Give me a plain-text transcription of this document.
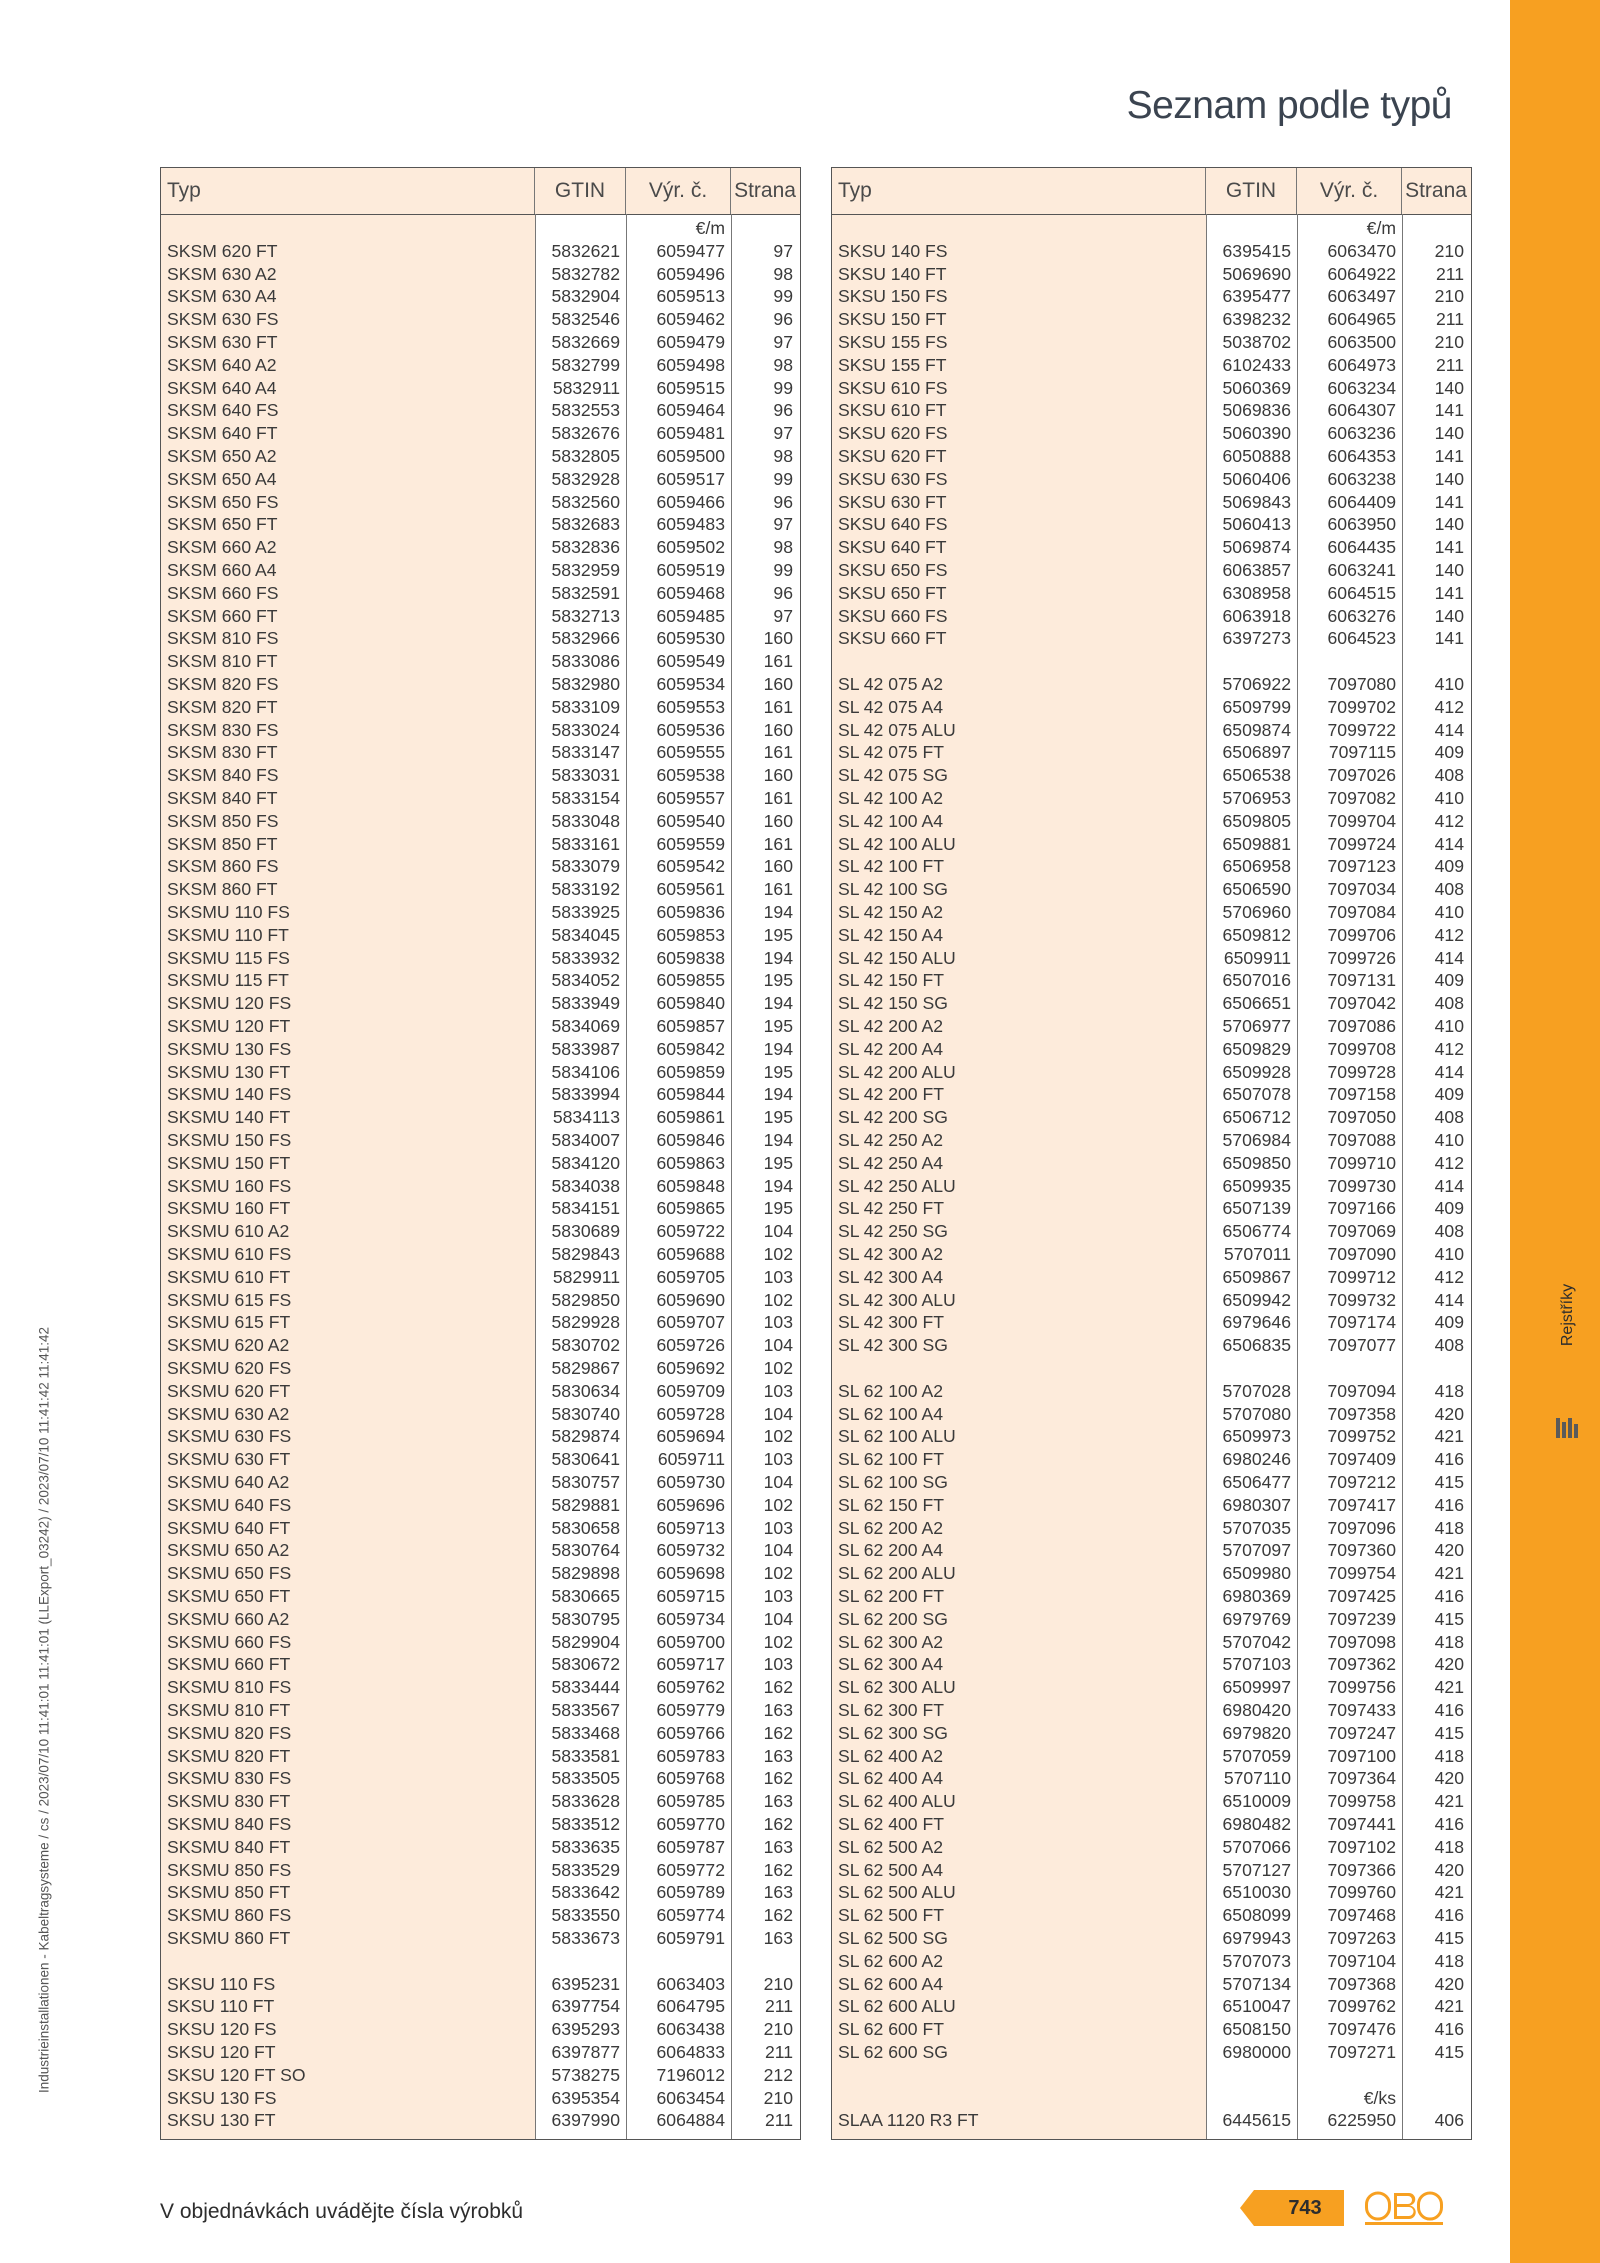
Rejstříky
Industrieinstallationen - Kabeltragsysteme / cs / 2023/07/10 11:41:01 11:41:01 (LLExport_03242) / 2023/07/10 11:41:42 11:41:42
Seznam podle typů
Typ	GTIN	Výr. č.	Strana
€/m
SKSM 620 FT	5832621	6059477	97
SKSM 630 A2	5832782	6059496	98
SKSM 630 A4	5832904	6059513	99
SKSM 630 FS	5832546	6059462	96
SKSM 630 FT	5832669	6059479	97
SKSM 640 A2	5832799	6059498	98
SKSM 640 A4	5832911	6059515	99
SKSM 640 FS	5832553	6059464	96
SKSM 640 FT	5832676	6059481	97
SKSM 650 A2	5832805	6059500	98
SKSM 650 A4	5832928	6059517	99
SKSM 650 FS	5832560	6059466	96
SKSM 650 FT	5832683	6059483	97
SKSM 660 A2	5832836	6059502	98
SKSM 660 A4	5832959	6059519	99
SKSM 660 FS	5832591	6059468	96
SKSM 660 FT	5832713	6059485	97
SKSM 810 FS	5832966	6059530	160
SKSM 810 FT	5833086	6059549	161
SKSM 820 FS	5832980	6059534	160
SKSM 820 FT	5833109	6059553	161
SKSM 830 FS	5833024	6059536	160
SKSM 830 FT	5833147	6059555	161
SKSM 840 FS	5833031	6059538	160
SKSM 840 FT	5833154	6059557	161
SKSM 850 FS	5833048	6059540	160
SKSM 850 FT	5833161	6059559	161
SKSM 860 FS	5833079	6059542	160
SKSM 860 FT	5833192	6059561	161
SKSMU 110 FS	5833925	6059836	194
SKSMU 110 FT	5834045	6059853	195
SKSMU 115 FS	5833932	6059838	194
SKSMU 115 FT	5834052	6059855	195
SKSMU 120 FS	5833949	6059840	194
SKSMU 120 FT	5834069	6059857	195
SKSMU 130 FS	5833987	6059842	194
SKSMU 130 FT	5834106	6059859	195
SKSMU 140 FS	5833994	6059844	194
SKSMU 140 FT	5834113	6059861	195
SKSMU 150 FS	5834007	6059846	194
SKSMU 150 FT	5834120	6059863	195
SKSMU 160 FS	5834038	6059848	194
SKSMU 160 FT	5834151	6059865	195
SKSMU 610 A2	5830689	6059722	104
SKSMU 610 FS	5829843	6059688	102
SKSMU 610 FT	5829911	6059705	103
SKSMU 615 FS	5829850	6059690	102
SKSMU 615 FT	5829928	6059707	103
SKSMU 620 A2	5830702	6059726	104
SKSMU 620 FS	5829867	6059692	102
SKSMU 620 FT	5830634	6059709	103
SKSMU 630 A2	5830740	6059728	104
SKSMU 630 FS	5829874	6059694	102
SKSMU 630 FT	5830641	6059711	103
SKSMU 640 A2	5830757	6059730	104
SKSMU 640 FS	5829881	6059696	102
SKSMU 640 FT	5830658	6059713	103
SKSMU 650 A2	5830764	6059732	104
SKSMU 650 FS	5829898	6059698	102
SKSMU 650 FT	5830665	6059715	103
SKSMU 660 A2	5830795	6059734	104
SKSMU 660 FS	5829904	6059700	102
SKSMU 660 FT	5830672	6059717	103
SKSMU 810 FS	5833444	6059762	162
SKSMU 810 FT	5833567	6059779	163
SKSMU 820 FS	5833468	6059766	162
SKSMU 820 FT	5833581	6059783	163
SKSMU 830 FS	5833505	6059768	162
SKSMU 830 FT	5833628	6059785	163
SKSMU 840 FS	5833512	6059770	162
SKSMU 840 FT	5833635	6059787	163
SKSMU 850 FS	5833529	6059772	162
SKSMU 850 FT	5833642	6059789	163
SKSMU 860 FS	5833550	6059774	162
SKSMU 860 FT	5833673	6059791	163
SKSU 110 FS	6395231	6063403	210
SKSU 110 FT	6397754	6064795	211
SKSU 120 FS	6395293	6063438	210
SKSU 120 FT	6397877	6064833	211
SKSU 120 FT SO	5738275	7196012	212
SKSU 130 FS	6395354	6063454	210
SKSU 130 FT	6397990	6064884	211
Typ	GTIN	Výr. č.	Strana
€/m
SKSU 140 FS	6395415	6063470	210
SKSU 140 FT	5069690	6064922	211
SKSU 150 FS	6395477	6063497	210
SKSU 150 FT	6398232	6064965	211
SKSU 155 FS	5038702	6063500	210
SKSU 155 FT	6102433	6064973	211
SKSU 610 FS	5060369	6063234	140
SKSU 610 FT	5069836	6064307	141
SKSU 620 FS	5060390	6063236	140
SKSU 620 FT	6050888	6064353	141
SKSU 630 FS	5060406	6063238	140
SKSU 630 FT	5069843	6064409	141
SKSU 640 FS	5060413	6063950	140
SKSU 640 FT	5069874	6064435	141
SKSU 650 FS	6063857	6063241	140
SKSU 650 FT	6308958	6064515	141
SKSU 660 FS	6063918	6063276	140
SKSU 660 FT	6397273	6064523	141
SL 42 075 A2	5706922	7097080	410
SL 42 075 A4	6509799	7099702	412
SL 42 075 ALU	6509874	7099722	414
SL 42 075 FT	6506897	7097115	409
SL 42 075 SG	6506538	7097026	408
SL 42 100 A2	5706953	7097082	410
SL 42 100 A4	6509805	7099704	412
SL 42 100 ALU	6509881	7099724	414
SL 42 100 FT	6506958	7097123	409
SL 42 100 SG	6506590	7097034	408
SL 42 150 A2	5706960	7097084	410
SL 42 150 A4	6509812	7099706	412
SL 42 150 ALU	6509911	7099726	414
SL 42 150 FT	6507016	7097131	409
SL 42 150 SG	6506651	7097042	408
SL 42 200 A2	5706977	7097086	410
SL 42 200 A4	6509829	7099708	412
SL 42 200 ALU	6509928	7099728	414
SL 42 200 FT	6507078	7097158	409
SL 42 200 SG	6506712	7097050	408
SL 42 250 A2	5706984	7097088	410
SL 42 250 A4	6509850	7099710	412
SL 42 250 ALU	6509935	7099730	414
SL 42 250 FT	6507139	7097166	409
SL 42 250 SG	6506774	7097069	408
SL 42 300 A2	5707011	7097090	410
SL 42 300 A4	6509867	7099712	412
SL 42 300 ALU	6509942	7099732	414
SL 42 300 FT	6979646	7097174	409
SL 42 300 SG	6506835	7097077	408
SL 62 100 A2	5707028	7097094	418
SL 62 100 A4	5707080	7097358	420
SL 62 100 ALU	6509973	7099752	421
SL 62 100 FT	6980246	7097409	416
SL 62 100 SG	6506477	7097212	415
SL 62 150 FT	6980307	7097417	416
SL 62 200 A2	5707035	7097096	418
SL 62 200 A4	5707097	7097360	420
SL 62 200 ALU	6509980	7099754	421
SL 62 200 FT	6980369	7097425	416
SL 62 200 SG	6979769	7097239	415
SL 62 300 A2	5707042	7097098	418
SL 62 300 A4	5707103	7097362	420
SL 62 300 ALU	6509997	7099756	421
SL 62 300 FT	6980420	7097433	416
SL 62 300 SG	6979820	7097247	415
SL 62 400 A2	5707059	7097100	418
SL 62 400 A4	5707110	7097364	420
SL 62 400 ALU	6510009	7099758	421
SL 62 400 FT	6980482	7097441	416
SL 62 500 A2	5707066	7097102	418
SL 62 500 A4	5707127	7097366	420
SL 62 500 ALU	6510030	7099760	421
SL 62 500 FT	6508099	7097468	416
SL 62 500 SG	6979943	7097263	415
SL 62 600 A2	5707073	7097104	418
SL 62 600 A4	5707134	7097368	420
SL 62 600 ALU	6510047	7099762	421
SL 62 600 FT	6508150	7097476	416
SL 62 600 SG	6980000	7097271	415
€/ks
SLAA 1120 R3 FT	6445615	6225950	406
V objednávkách uvádějte čísla výrobků	743
